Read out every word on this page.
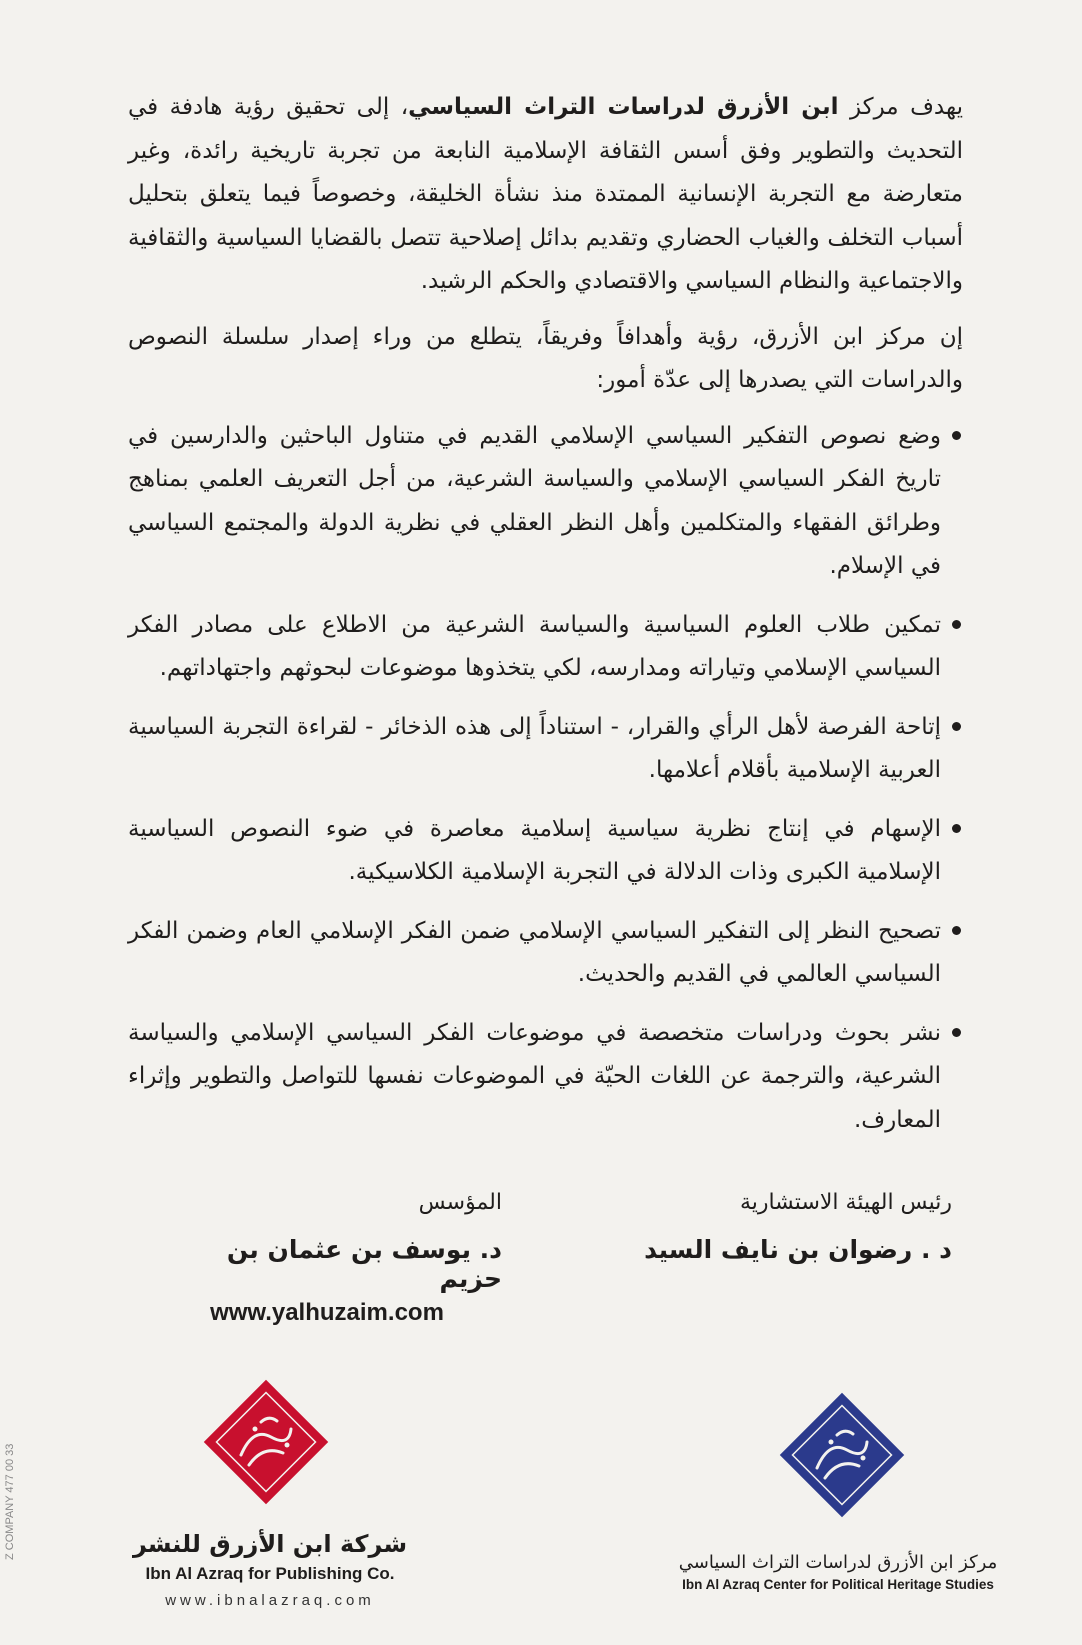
يهدف مركز ابن الأزرق لدراسات التراث السياسي، إلى تحقيق رؤية هادفة في التحديث والتطوير وفق أسس الثقافة الإسلامية النابعة من تجربة تاريخية رائدة، وغير متعارضة مع التجربة الإنسانية الممتدة منذ نشأة الخليقة، وخصوصاً فيما يتعلق بتحليل أسباب التخلف والغياب الحضاري وتقديم بدائل إصلاحية تتصل بالقضايا السياسية والثقافية والاجتماعية والنظام السياسي والاقتصادي والحكم الرشيد.

إن مركز ابن الأزرق، رؤية وأهدافاً وفريقاً، يتطلع من وراء إصدار سلسلة النصوص والدراسات التي يصدرها إلى عدّة أمور:

وضع نصوص التفكير السياسي الإسلامي القديم في متناول الباحثين والدارسين في تاريخ الفكر السياسي الإسلامي والسياسة الشرعية، من أجل التعريف العلمي بمناهج وطرائق الفقهاء والمتكلمين وأهل النظر العقلي في نظرية الدولة والمجتمع السياسي في الإسلام.
تمكين طلاب العلوم السياسية والسياسة الشرعية من الاطلاع على مصادر الفكر السياسي الإسلامي وتياراته ومدارسه، لكي يتخذوها موضوعات لبحوثهم واجتهاداتهم.
إتاحة الفرصة لأهل الرأي والقرار، - استناداً إلى هذه الذخائر - لقراءة التجربة السياسية العربية الإسلامية بأقلام أعلامها.
الإسهام في إنتاج نظرية سياسية إسلامية معاصرة في ضوء النصوص السياسية الإسلامية الكبرى وذات الدلالة في التجربة الإسلامية الكلاسيكية.
تصحيح النظر إلى التفكير السياسي الإسلامي ضمن الفكر الإسلامي العام وضمن الفكر السياسي العالمي في القديم والحديث.
نشر بحوث ودراسات متخصصة في موضوعات الفكر السياسي الإسلامي والسياسة الشرعية، والترجمة عن اللغات الحيّة في الموضوعات نفسها للتواصل والتطوير وإثراء المعارف.
رئيس الهيئة الاستشارية
د . رضوان بن نايف السيد
المؤسس
د. يوسف بن عثمان بن حزيم
www.yalhuzaim.com
شركة ابن الأزرق للنشر
Ibn Al Azraq for Publishing Co.
www.ibnalazraq.com
مركز ابن الأزرق لدراسات التراث السياسي
Ibn Al Azraq Center for Political Heritage Studies
Z COMPANY 477 00 33
